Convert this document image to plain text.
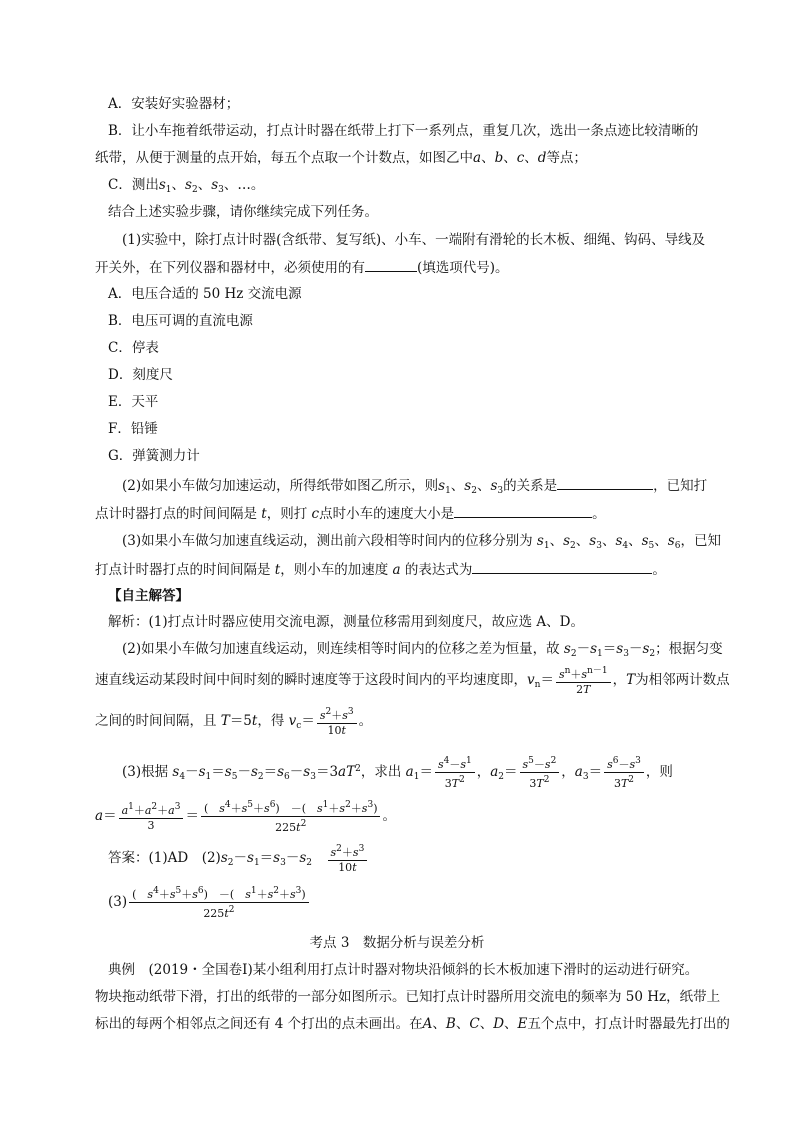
A．安装好实验器材；
B．让小车拖着纸带运动，打点计时器在纸带上打下一系列点，重复几次，选出一条点迹比较清晰的
纸带，从便于测量的点开始，每五个点取一个计数点，如图乙中a、b、c、d等点；
C．测出$s_1$、$s_2$、$s_3$、…。
结合上述实验步骤，请你继续完成下列任务。
(1)实验中，除打点计时器(含纸带、复写纸)、小车、一端附有滑轮的长木板、细绳、钩码、导线及
开关外，在下列仪器和器材中，必须使用的有	(填选项代号)。
A．电压合适的 50 Hz 交流电源
B．电压可调的直流电源
C．停表
D．刻度尺
E．天平
F．铅锤
G．弹簧测力计
(2)如果小车做匀加速运动，所得纸带如图乙所示，则$s_1$、$s_2$、$s_3$的关系是	，已知打
点计时器打点的时间间隔是 t，则打 c点时小车的速度大小是	。
(3)如果小车做匀加速直线运动，测出前六段相等时间内的位移分别为 $s_1$、$s_2$、$s_3$、$s_4$、$s_5$、$s_6$，已知
打点计时器打点的时间间隔是 t，则小车的加速度 a 的表达式为	。
【自主解答】
解析：(1)打点计时器应使用交流电源，测量位移需用到刻度尺，故应选 A、D。
(2)如果小车做匀加速直线运动，则连续相等时间内的位移之差为恒量，故 $s_2-s_1=s_3-s_2$；根据匀变
速直线运动某段时间中间时刻的瞬时速度等于这段时间内的平均速度即，$v_n= \frac{s^n+s^{n-1}}{2T}$ ，T为相邻两计数点
之间的时间间隔，且 T＝5t，得 $v_c= \frac{s^2+s^3}{10t}$ 。
(3)根据 $s_4-s_1=s_5-s_2=s_6-s_3=3aT^2$，求出 $a_1= \frac{s^4-s^1}{3T^2}$ ，$a_2= \frac{s^5-s^2}{3T^2}$ ，$a_3= \frac{s^6-s^3}{3T^2}$ ，则
$a= \frac{a^1+a^2+a^3}{3} = \frac{( s^4+s^5+s^6) -( s^1+s^2+s^3)}{225t^2}$ 。
答案：(1)AD　$(2)s_2-s_1=s_3-s_2$　 $\frac{s^2+s^3}{10t}$
$(3) \frac{( s^4+s^5+s^6) -( s^1+s^2+s^3)}{225t^2}$
考点 3　数据分析与误差分析
典例　(2019・全国卷Ⅰ)某小组利用打点计时器对物块沿倾斜的长木板加速下滑时的运动进行研究。
物块拖动纸带下滑，打出的纸带的一部分如图所示。已知打点计时器所用交流电的频率为 50 Hz，纸带上
标出的每两个相邻点之间还有 4 个打出的点未画出。在A、B、C、D、E五个点中，打点计时器最先打出的
